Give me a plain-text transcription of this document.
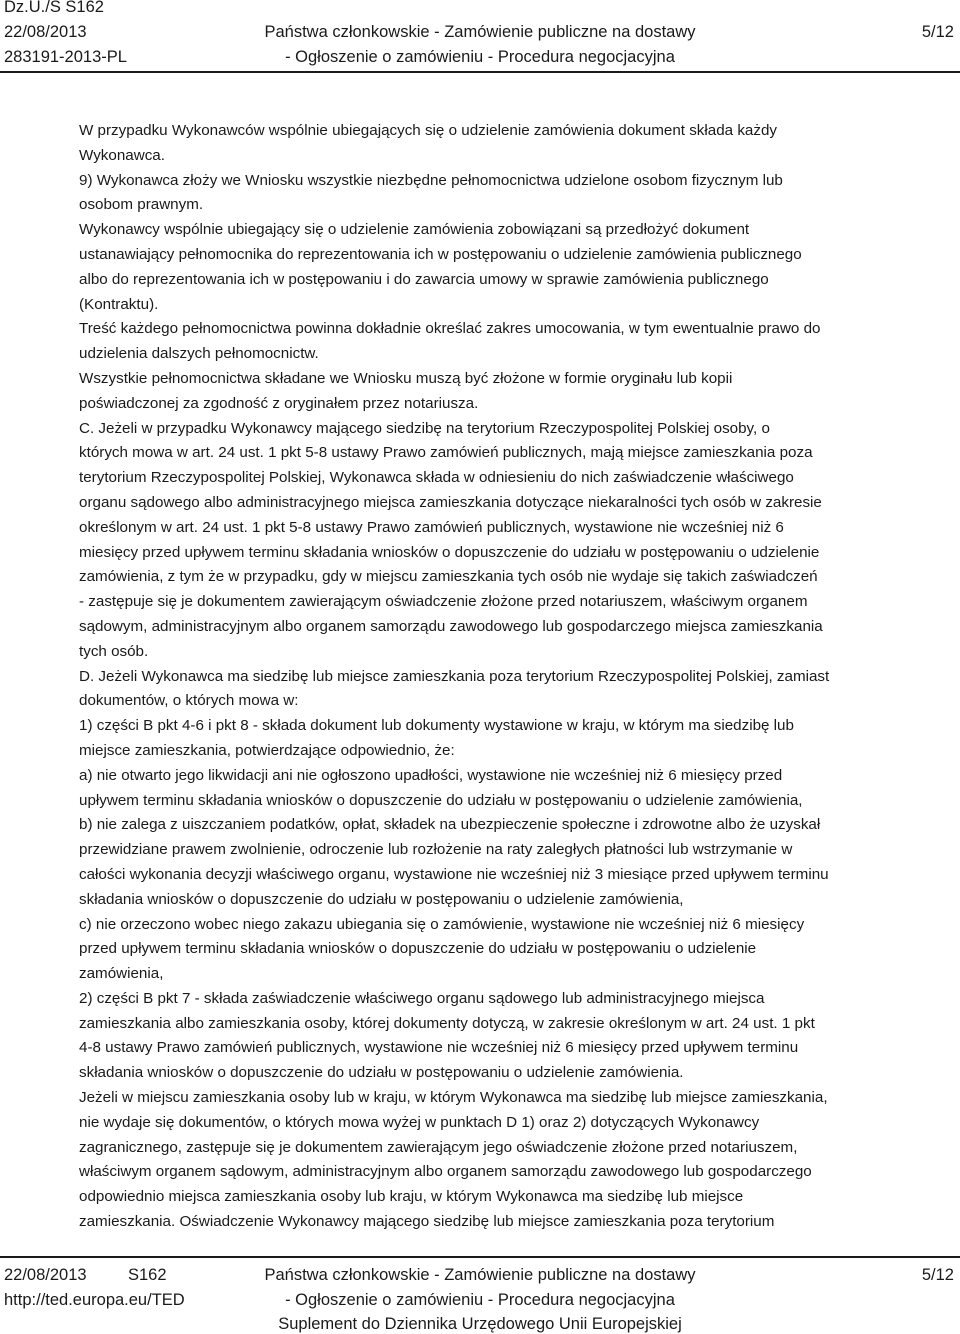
Dz.U./S S162
22/08/2013
283191-2013-PL
Państwa członkowskie - Zamówienie publiczne na dostawy
- Ogłoszenie o zamówieniu - Procedura negocjacyjna
5/12
W przypadku Wykonawców wspólnie ubiegających się o udzielenie zamówienia dokument składa każdy
Wykonawca.
9) Wykonawca złoży we Wniosku wszystkie niezbędne pełnomocnictwa udzielone osobom fizycznym lub
osobom prawnym.
Wykonawcy wspólnie ubiegający się o udzielenie zamówienia zobowiązani są przedłożyć dokument
ustanawiający pełnomocnika do reprezentowania ich w postępowaniu o udzielenie zamówienia publicznego
albo do reprezentowania ich w postępowaniu i do zawarcia umowy w sprawie zamówienia publicznego
(Kontraktu).
Treść każdego pełnomocnictwa powinna dokładnie określać zakres umocowania, w tym ewentualnie prawo do
udzielenia dalszych pełnomocnictw.
Wszystkie pełnomocnictwa składane we Wniosku muszą być złożone w formie oryginału lub kopii
poświadczonej za zgodność z oryginałem przez notariusza.
C. Jeżeli w przypadku Wykonawcy mającego siedzibę na terytorium Rzeczypospolitej Polskiej osoby, o
których mowa w art. 24 ust. 1 pkt 5-8 ustawy Prawo zamówień publicznych, mają miejsce zamieszkania poza
terytorium Rzeczypospolitej Polskiej, Wykonawca składa w odniesieniu do nich zaświadczenie właściwego
organu sądowego albo administracyjnego miejsca zamieszkania dotyczące niekaralności tych osób w zakresie
określonym w art. 24 ust. 1 pkt 5-8 ustawy Prawo zamówień publicznych, wystawione nie wcześniej niż 6
miesięcy przed upływem terminu składania wniosków o dopuszczenie do udziału w postępowaniu o udzielenie
zamówienia, z tym że w przypadku, gdy w miejscu zamieszkania tych osób nie wydaje się takich zaświadczeń
- zastępuje się je dokumentem zawierającym oświadczenie złożone przed notariuszem, właściwym organem
sądowym, administracyjnym albo organem samorządu zawodowego lub gospodarczego miejsca zamieszkania
tych osób.
D. Jeżeli Wykonawca ma siedzibę lub miejsce zamieszkania poza terytorium Rzeczypospolitej Polskiej, zamiast
dokumentów, o których mowa w:
1) części B pkt 4-6 i pkt 8 - składa dokument lub dokumenty wystawione w kraju, w którym ma siedzibę lub
miejsce zamieszkania, potwierdzające odpowiednio, że:
a) nie otwarto jego likwidacji ani nie ogłoszono upadłości, wystawione nie wcześniej niż 6 miesięcy przed
upływem terminu składania wniosków o dopuszczenie do udziału w postępowaniu o udzielenie zamówienia,
b) nie zalega z uiszczaniem podatków, opłat, składek na ubezpieczenie społeczne i zdrowotne albo że uzyskał
przewidziane prawem zwolnienie, odroczenie lub rozłożenie na raty zaległych płatności lub wstrzymanie w
całości wykonania decyzji właściwego organu, wystawione nie wcześniej niż 3 miesiące przed upływem terminu
składania wniosków o dopuszczenie do udziału w postępowaniu o udzielenie zamówienia,
c) nie orzeczono wobec niego zakazu ubiegania się o zamówienie, wystawione nie wcześniej niż 6 miesięcy
przed upływem terminu składania wniosków o dopuszczenie do udziału w postępowaniu o udzielenie
zamówienia,
2) części B pkt 7 - składa zaświadczenie właściwego organu sądowego lub administracyjnego miejsca
zamieszkania albo zamieszkania osoby, której dokumenty dotyczą, w zakresie określonym w art. 24 ust. 1 pkt
4-8 ustawy Prawo zamówień publicznych, wystawione nie wcześniej niż 6 miesięcy przed upływem terminu
składania wniosków o dopuszczenie do udziału w postępowaniu o udzielenie zamówienia.
Jeżeli w miejscu zamieszkania osoby lub w kraju, w którym Wykonawca ma siedzibę lub miejsce zamieszkania,
nie wydaje się dokumentów, o których mowa wyżej w punktach D 1) oraz 2) dotyczących Wykonawcy
zagranicznego, zastępuje się je dokumentem zawierającym jego oświadczenie złożone przed notariuszem,
właściwym organem sądowym, administracyjnym albo organem samorządu zawodowego lub gospodarczego
odpowiednio miejsca zamieszkania osoby lub kraju, w którym Wykonawca ma siedzibę lub miejsce
zamieszkania. Oświadczenie Wykonawcy mającego siedzibę lub miejsce zamieszkania poza terytorium
22/08/2013	S162
http://ted.europa.eu/TED
Państwa członkowskie - Zamówienie publiczne na dostawy
- Ogłoszenie o zamówieniu - Procedura negocjacyjna
Suplement do Dziennika Urzędowego Unii Europejskiej
5/12
